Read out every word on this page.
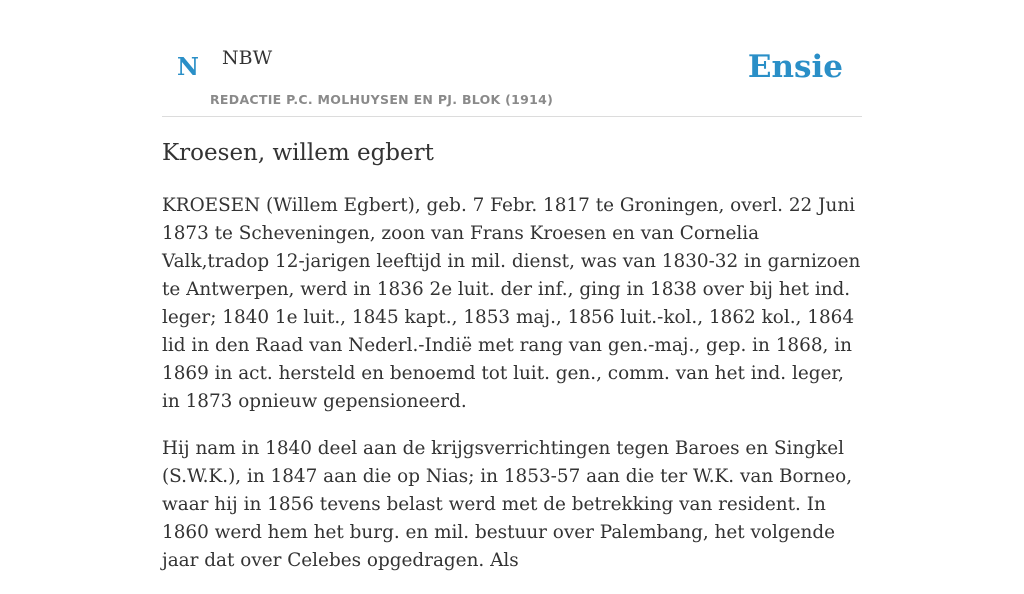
N NBW
REDACTIE P.C. MOLHUYSEN EN PJ. BLOK (1914)
Ensie
Kroesen, willem egbert

KROESEN (Willem Egbert), geb. 7 Febr. 1817 te Groningen, overl. 22 Juni 1873 te Scheveningen, zoon van Frans Kroesen en van Cornelia Valk,tradop 12-jarigen leeftijd in mil. dienst, was van 1830-32 in garnizoen te Antwerpen, werd in 1836 2e luit. der inf., ging in 1838 over bij het ind. leger; 1840 1e luit., 1845 kapt., 1853 maj., 1856 luit.-kol., 1862 kol., 1864 lid in den Raad van Nederl.-Indië met rang van gen.-maj., gep. in 1868, in 1869 in act. hersteld en benoemd tot luit. gen., comm. van het ind. leger, in 1873 opnieuw gepensioneerd.

Hij nam in 1840 deel aan de krijgsverrichtingen tegen Baroes en Singkel (S.W.K.), in 1847 aan die op Nias; in 1853-57 aan die ter W.K. van Borneo, waar hij in 1856 tevens belast werd met de betrekking van resident. In 1860 werd hem het burg. en mil. bestuur over Palembang, het volgende jaar dat over Celebes opgedragen. Als
